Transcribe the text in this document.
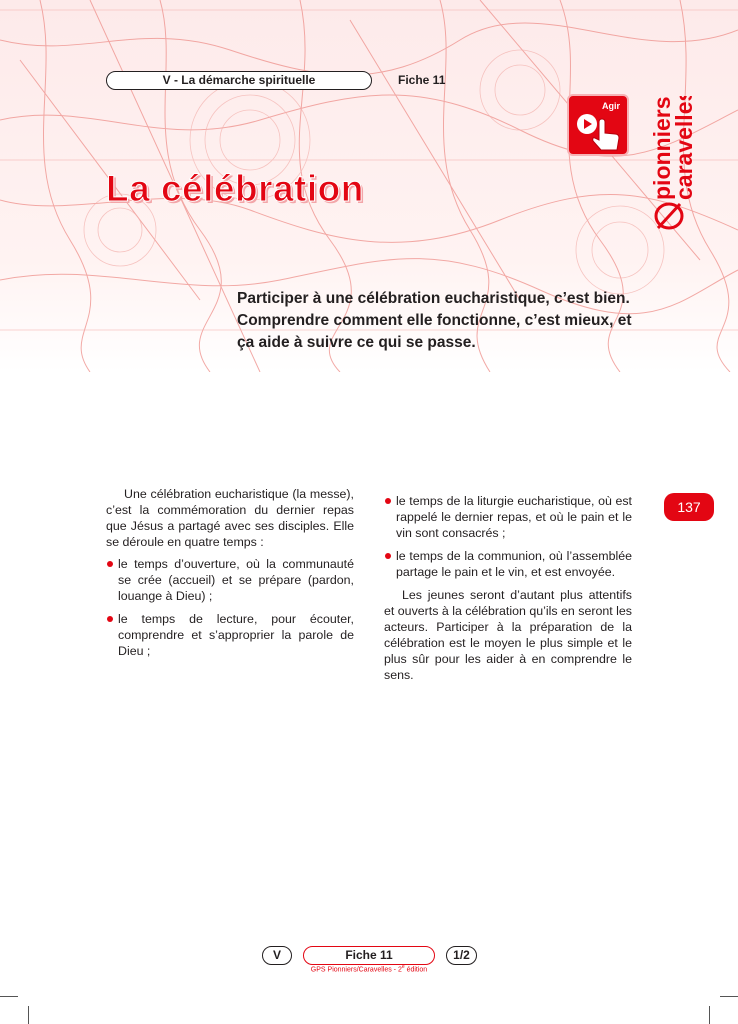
V - La démarche spirituelle	Fiche 11
Agir pionniers
caravelles
La célébration
Participer à une célébration eucharistique, c’est bien. Comprendre comment elle fonctionne, c’est mieux, et ça aide à suivre ce qui se passe.

Une célébration eucharistique (la messe), c’est la commémoration du dernier repas que Jésus a partagé avec ses disciples. Elle se déroule en quatre temps :

le temps d’ouverture, où la communauté se crée (accueil) et se prépare (pardon, louange à Dieu) ;
le temps de lecture, pour écouter, comprendre et s’approprier la parole de Dieu ;
le temps de la liturgie eucharistique, où est rappelé le dernier repas, et où le pain et le vin sont consacrés ;
le temps de la communion, où l’assemblée partage le pain et le vin, et est envoyée.

Les jeunes seront d’autant plus attentifs et ouverts à la célébration qu’ils en seront les acteurs. Participer à la préparation de la célébration est le moyen le plus simple et le plus sûr pour les aider à en comprendre le sens.

137
V	Fiche 11	1/2
GPS Pionniers/Caravelles - 2e édition
